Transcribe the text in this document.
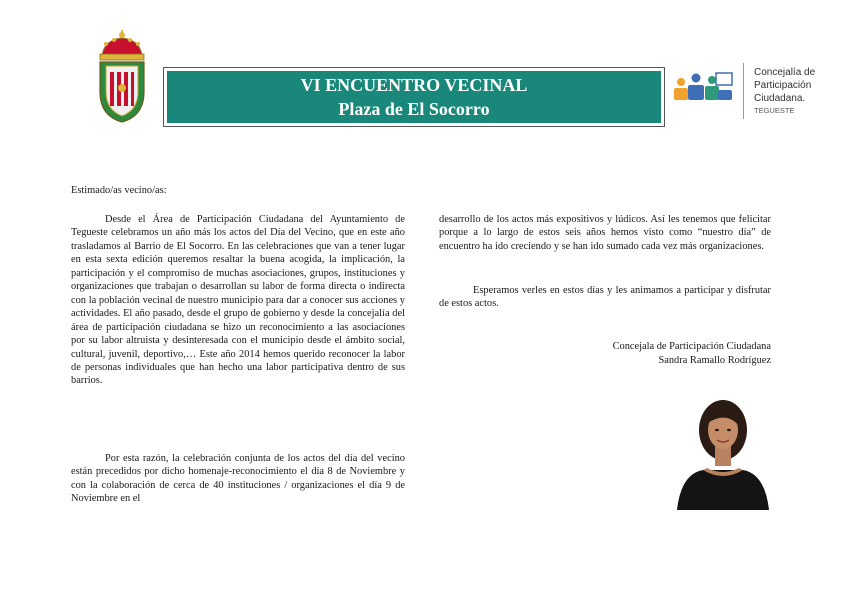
VI ENCUENTRO VECINAL
Plaza de El Socorro
Concejalía de
Participación
Ciudadana.
TEGUESTE
Estimado/as vecino/as:
Desde el Área de Participación Ciudadana del Ayuntamiento de Tegueste celebramos un año más los actos del Día del Vecino, que en este año trasladamos al Barrio de El Socorro. En las celebraciones que van a tener lugar en esta sexta edición queremos resaltar la buena acogida, la implicación, la participación y el compromiso de muchas asociaciones, grupos, instituciones y organizaciones que trabajan o desarrollan su labor de forma directa o indirecta con la población vecinal de nuestro municipio para dar a conocer sus acciones y actividades. El año pasado, desde el grupo de gobierno y desde la concejalía del área de participación ciudadana se hizo un reconocimiento a las asociaciones por su labor altruista y desinteresada con el municipio desde el ámbito social, cultural, juvenil, deportivo,… Este año 2014 hemos querido reconocer la labor de personas individuales que han hecho una labor participativa dentro de sus barrios.
Por esta razón, la celebración conjunta de los actos del día del vecino están precedidos por dicho homenaje-reconocimiento el día 8 de Noviembre y con la colaboración de cerca de 40 instituciones / organizaciones el día 9 de Noviembre en el
desarrollo de los actos más expositivos y lúdicos. Así les tenemos que felicitar porque a lo largo de estos seis años hemos visto como “nuestro día” de encuentro ha ido creciendo y se han ido sumado cada vez más organizaciones.
Esperamos verles en estos días y les animamos a participar y disfrutar de estos actos.
Concejala de Participación Ciudadana
Sandra Ramallo Rodríguez
